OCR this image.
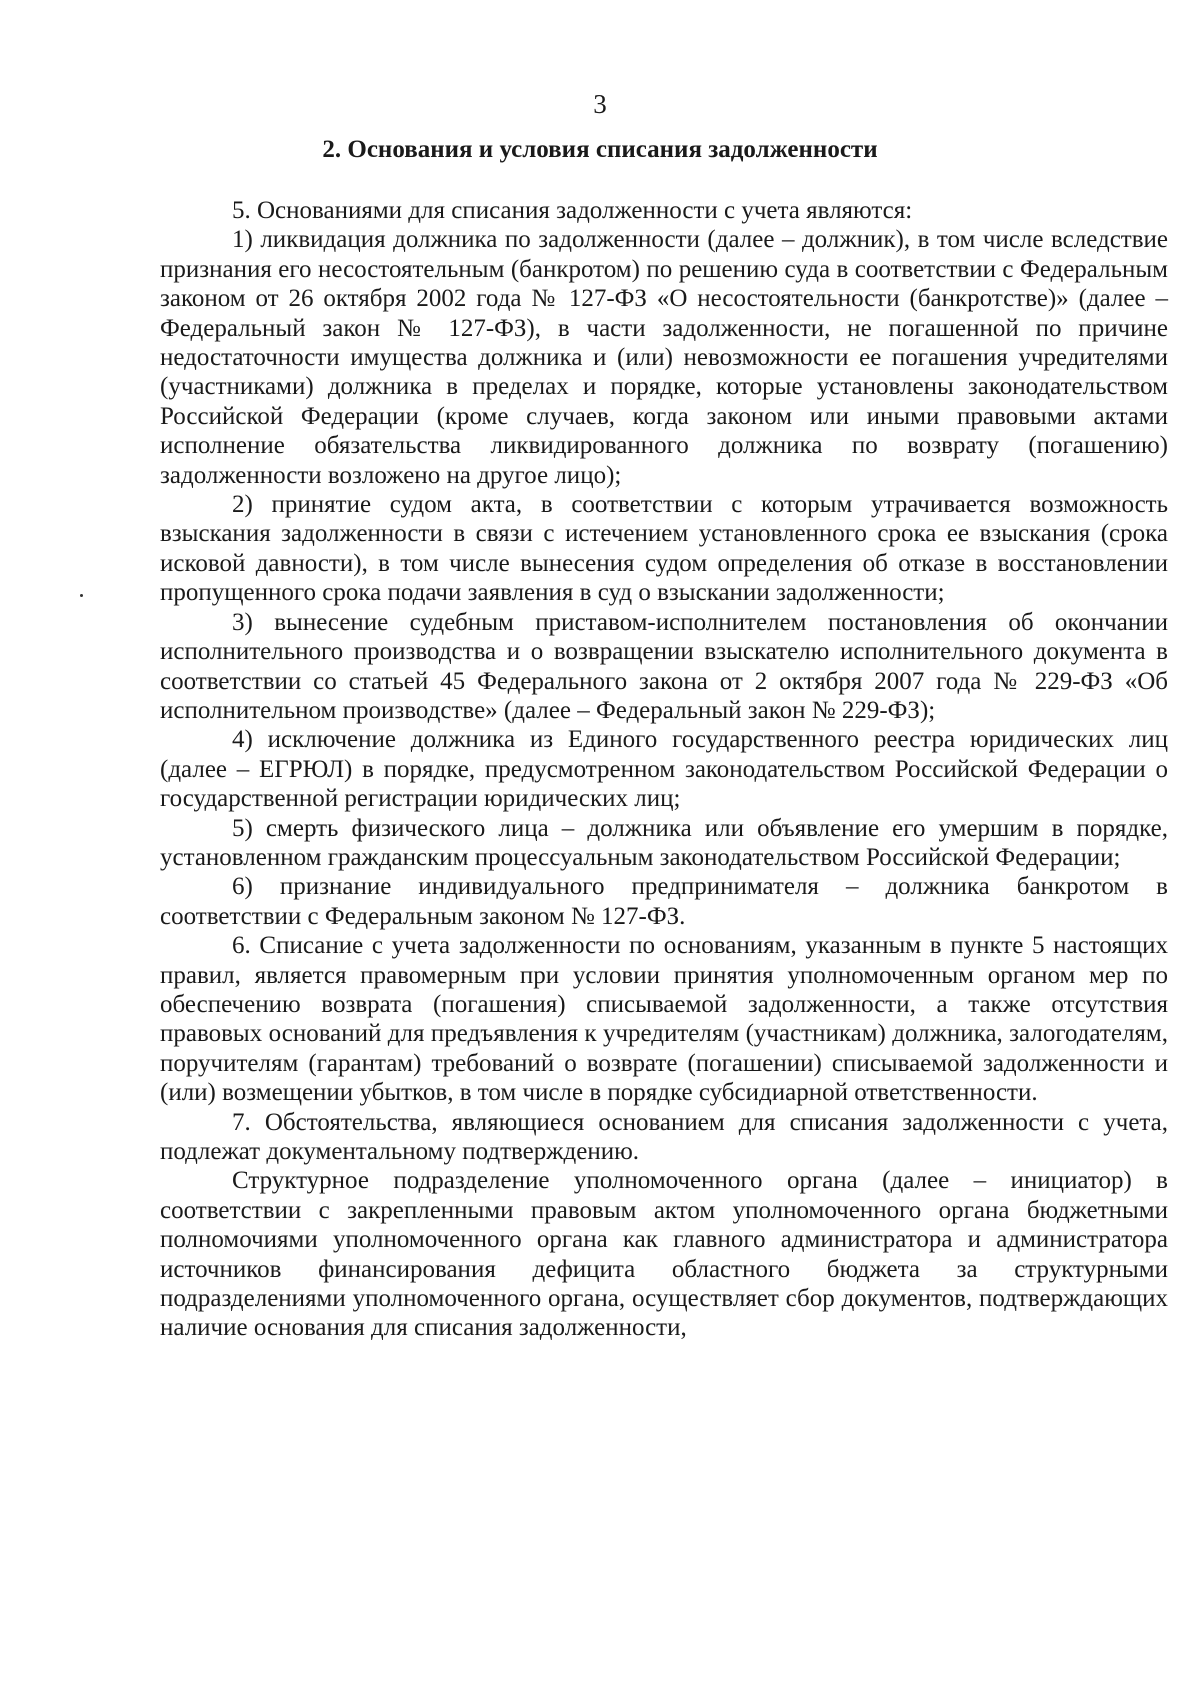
3
2. Основания и условия списания задолженности

5. Основаниями для списания задолженности с учета являются:

1) ликвидация должника по задолженности (далее – должник), в том числе вследствие признания его несостоятельным (банкротом) по решению суда в соответствии с Федеральным законом от 26 октября 2002 года № 127-ФЗ «О несостоятельности (банкротстве)» (далее – Федеральный закон № 127-ФЗ), в части задолженности, не погашенной по причине недостаточности имущества должника и (или) невозможности ее погашения учредителями (участниками) должника в пределах и порядке, которые установлены законодательством Российской Федерации (кроме случаев, когда законом или иными правовыми актами исполнение обязательства ликвидированного должника по возврату (погашению) задолженности возложено на другое лицо);

2) принятие судом акта, в соответствии с которым утрачивается возможность взыскания задолженности в связи с истечением установленного срока ее взыскания (срока исковой давности), в том числе вынесения судом определения об отказе в восстановлении пропущенного срока подачи заявления в суд о взыскании задолженности;

3) вынесение судебным приставом-исполнителем постановления об окончании исполнительного производства и о возвращении взыскателю исполнительного документа в соответствии со статьей 45 Федерального закона от 2 октября 2007 года № 229-ФЗ «Об исполнительном производстве» (далее – Федеральный закон № 229-ФЗ);

4) исключение должника из Единого государственного реестра юридических лиц (далее – ЕГРЮЛ) в порядке, предусмотренном законодательством Российской Федерации о государственной регистрации юридических лиц;

5) смерть физического лица – должника или объявление его умершим в порядке, установленном гражданским процессуальным законодательством Российской Федерации;

6) признание индивидуального предпринимателя – должника банкротом в соответствии с Федеральным законом № 127-ФЗ.

6. Списание с учета задолженности по основаниям, указанным в пункте 5 настоящих правил, является правомерным при условии принятия уполномоченным органом мер по обеспечению возврата (погашения) списываемой задолженности, а также отсутствия правовых оснований для предъявления к учредителям (участникам) должника, залогодателям, поручителям (гарантам) требований о возврате (погашении) списываемой задолженности и (или) возмещении убытков, в том числе в порядке субсидиарной ответственности.

7. Обстоятельства, являющиеся основанием для списания задолженности с учета, подлежат документальному подтверждению.

Структурное подразделение уполномоченного органа (далее – инициатор) в соответствии с закрепленными правовым актом уполномоченного органа бюджетными полномочиями уполномоченного органа как главного администратора и администратора источников финансирования дефицита областного бюджета за структурными подразделениями уполномоченного органа, осуществляет сбор документов, подтверждающих наличие основания для списания задолженности,
